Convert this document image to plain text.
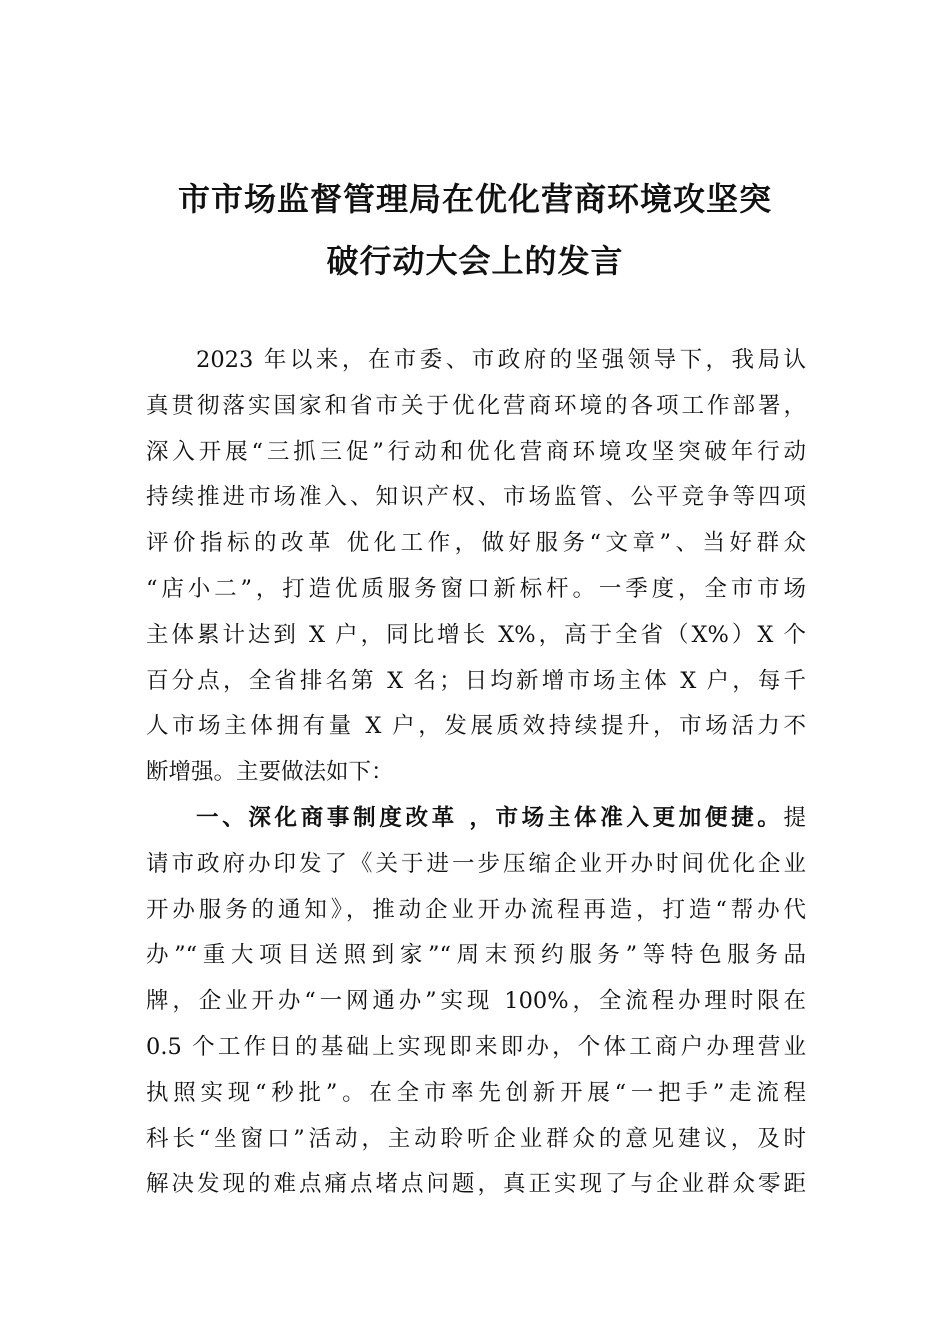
市市场监督管理局在优化营商环境攻坚突
破行动大会上的发言
2023 年以来，在市委、市政府的坚强领导下，我局认
真贯彻落实国家和省市关于优化营商环境的各项工作部署，
深入开展“三抓三促”行动和优化营商环境攻坚突破年行动
持续推进市场准入、知识产权、市场监管、公平竞争等四项
评价指标的改革 优化工作，做好服务“文章”、当好群众
“店小二”，打造优质服务窗口新标杆。一季度，全市市场
主体累计达到 X 户，同比增长 X%，高于全省（X%）X 个
百分点，全省排名第 X 名；日均新增市场主体 X 户，每千
人市场主体拥有量 X 户，发展质效持续提升，市场活力不
断增强。主要做法如下：
一、深化商事制度改革 ，市场主体准入更加便捷。提
请市政府办印发了《关于进一步压缩企业开办时间优化企业
开办服务的通知》，推动企业开办流程再造，打造“帮办代
办”“重大项目送照到家”“周末预约服务”等特色服务品
牌，企业开办“一网通办”实现 100%，全流程办理时限在
0.5 个工作日的基础上实现即来即办，个体工商户办理营业
执照实现“秒批”。在全市率先创新开展“一把手”走流程
科长“坐窗口”活动，主动聆听企业群众的意见建议，及时
解决发现的难点痛点堵点问题，真正实现了与企业群众零距
